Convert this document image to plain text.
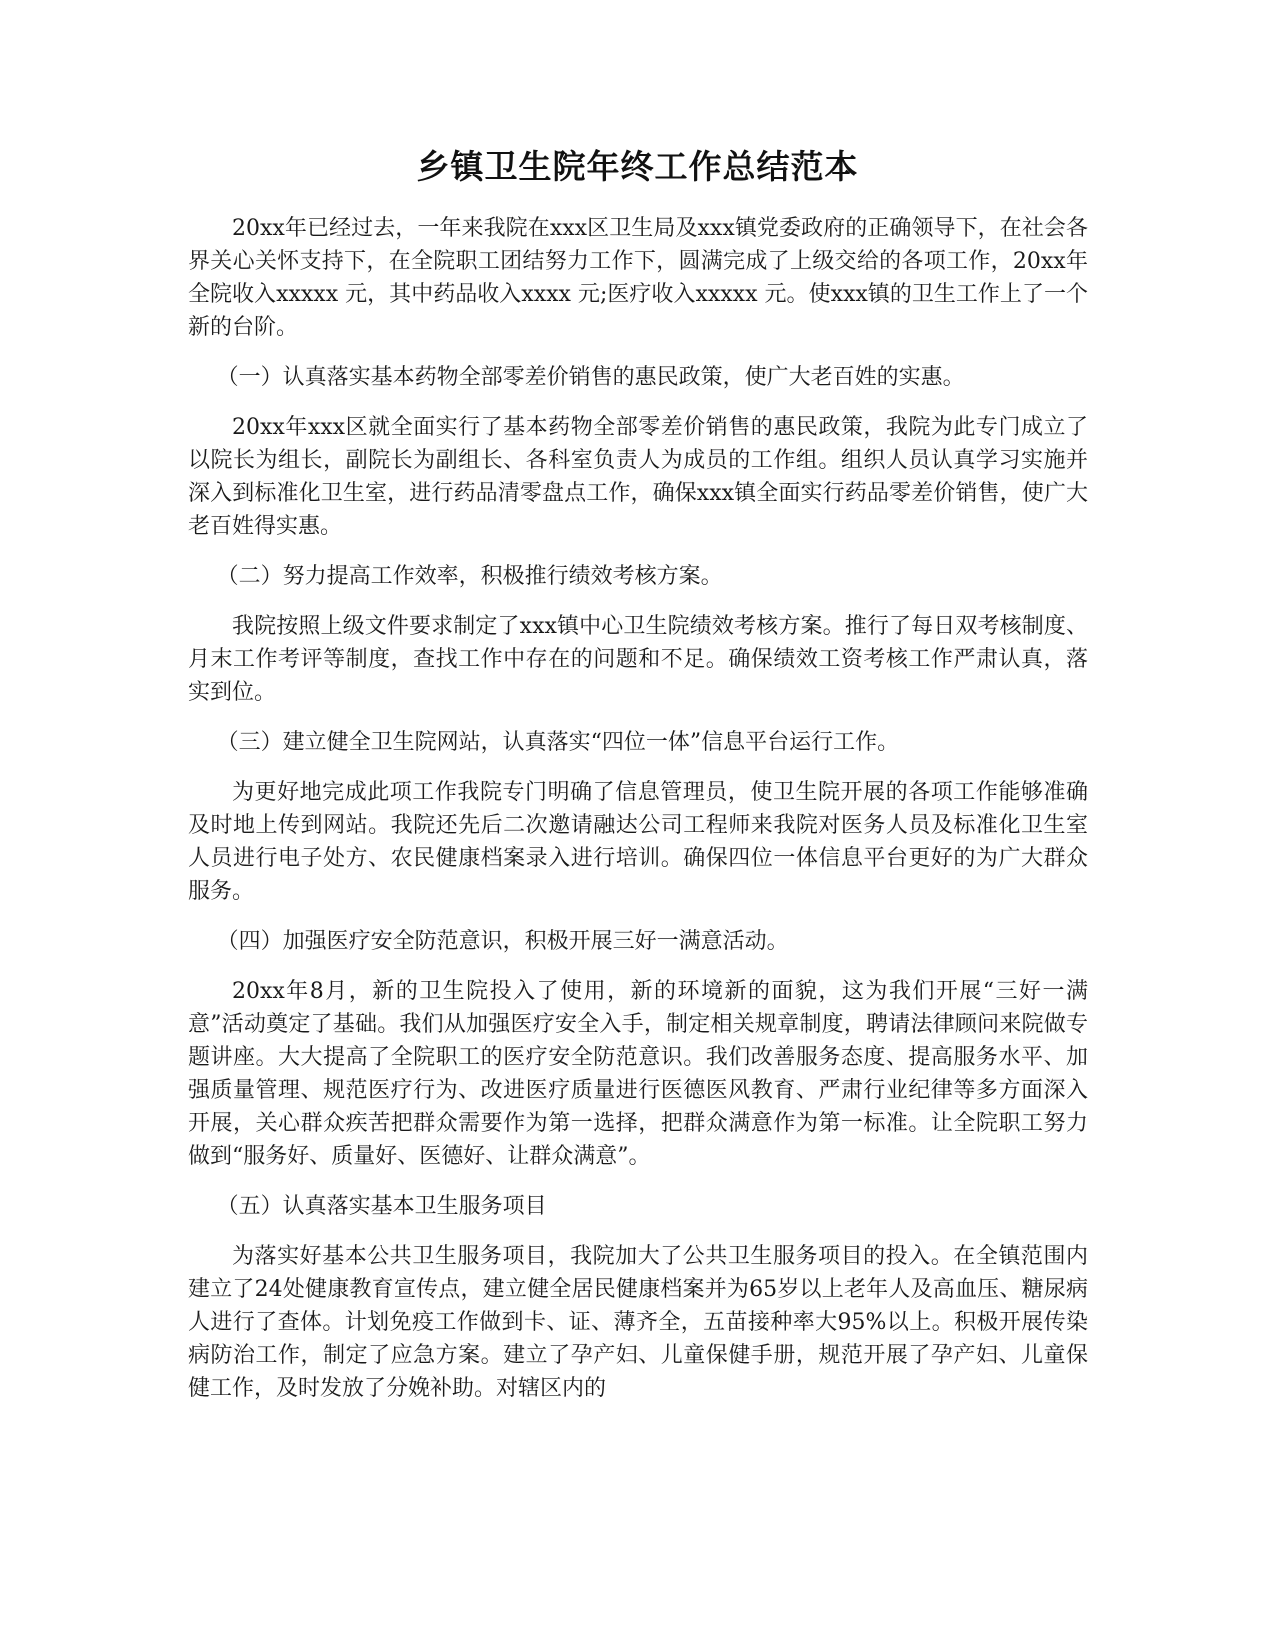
乡镇卫生院年终工作总结范本

20xx年已经过去，一年来我院在xxx区卫生局及xxx镇党委政府的正确领导下，在社会各界关心关怀支持下，在全院职工团结努力工作下，圆满完成了上级交给的各项工作，20xx年全院收入xxxxx 元，其中药品收入xxxx 元;医疗收入xxxxx 元。使xxx镇的卫生工作上了一个新的台阶。

（一）认真落实基本药物全部零差价销售的惠民政策，使广大老百姓的实惠。

20xx年xxx区就全面实行了基本药物全部零差价销售的惠民政策，我院为此专门成立了以院长为组长，副院长为副组长、各科室负责人为成员的工作组。组织人员认真学习实施并深入到标准化卫生室，进行药品清零盘点工作，确保xxx镇全面实行药品零差价销售，使广大老百姓得实惠。

（二）努力提高工作效率，积极推行绩效考核方案。

我院按照上级文件要求制定了xxx镇中心卫生院绩效考核方案。推行了每日双考核制度、月末工作考评等制度，查找工作中存在的问题和不足。确保绩效工资考核工作严肃认真，落实到位。

（三）建立健全卫生院网站，认真落实“四位一体”信息平台运行工作。

为更好地完成此项工作我院专门明确了信息管理员，使卫生院开展的各项工作能够准确及时地上传到网站。我院还先后二次邀请融达公司工程师来我院对医务人员及标准化卫生室人员进行电子处方、农民健康档案录入进行培训。确保四位一体信息平台更好的为广大群众服务。

（四）加强医疗安全防范意识，积极开展三好一满意活动。

20xx年8月，新的卫生院投入了使用，新的环境新的面貌，这为我们开展“三好一满意”活动奠定了基础。我们从加强医疗安全入手，制定相关规章制度，聘请法律顾问来院做专题讲座。大大提高了全院职工的医疗安全防范意识。我们改善服务态度、提高服务水平、加强质量管理、规范医疗行为、改进医疗质量进行医德医风教育、严肃行业纪律等多方面深入开展，关心群众疾苦把群众需要作为第一选择，把群众满意作为第一标准。让全院职工努力做到“服务好、质量好、医德好、让群众满意”。

（五）认真落实基本卫生服务项目

为落实好基本公共卫生服务项目，我院加大了公共卫生服务项目的投入。在全镇范围内建立了24处健康教育宣传点，建立健全居民健康档案并为65岁以上老年人及高血压、糖尿病人进行了查体。计划免疫工作做到卡、证、薄齐全，五苗接种率大95%以上。积极开展传染病防治工作，制定了应急方案。建立了孕产妇、儿童保健手册，规范开展了孕产妇、儿童保健工作，及时发放了分娩补助。对辖区内的
